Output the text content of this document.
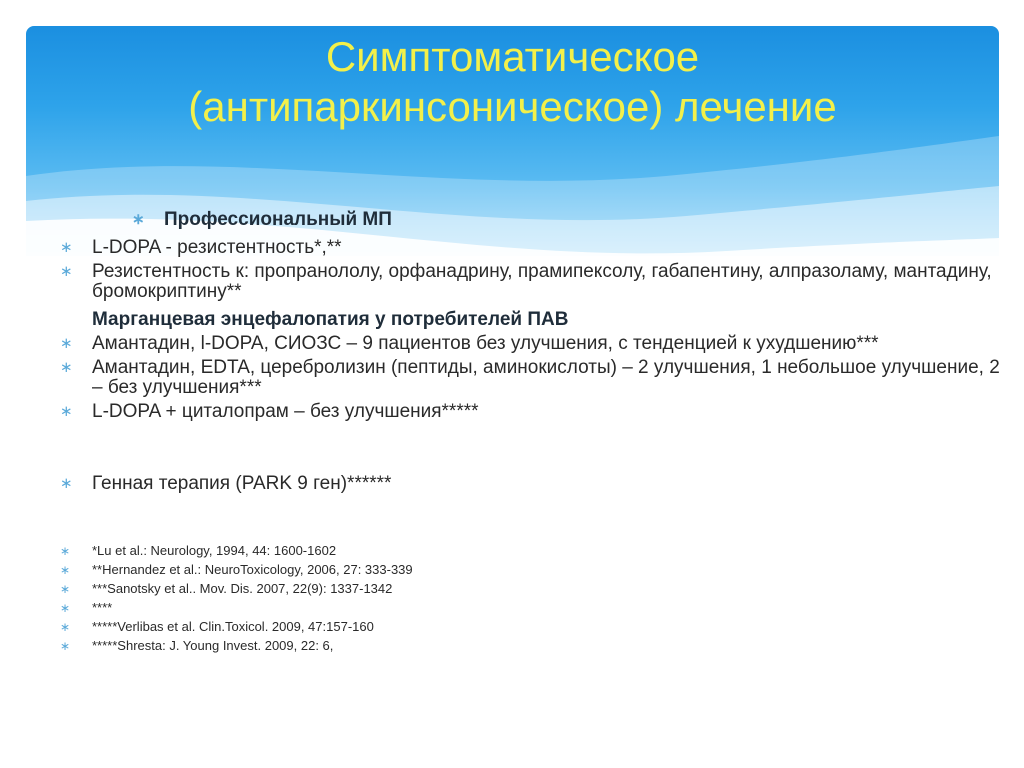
Симптоматическое
(антипаркинсоническое) лечение
∗ Профессиональный МП
∗ L-DOPA - резистентность*,**
∗ Резистентность к: пропранололу, орфанадрину, прамипексолу, габапентину, алпразоламу, мантадину, бромокриптину**
Марганцевая энцефалопатия у потребителей ПАВ
∗ Амантадин, l-DOPA, СИОЗС – 9 пациентов без улучшения, с тенденцией к ухудшению***
∗ Амантадин, EDTA, церебролизин (пептиды, аминокислоты) – 2 улучшения, 1 небольшое улучшение, 2 – без улучшения***
∗ L-DOPA + циталопрам – без улучшения*****
∗ Генная терапия (PARK 9 ген)******
∗ *Lu et al.: Neurology, 1994, 44: 1600-1602
∗ **Hernandez et al.: NeuroToxicology, 2006, 27: 333-339
∗ ***Sanotsky et al.. Mov. Dis. 2007, 22(9): 1337-1342
∗ ****
∗ *****Verlibas et al. Clin.Toxicol. 2009, 47:157-160
∗ *****Shresta: J. Young Invest. 2009, 22: 6,
